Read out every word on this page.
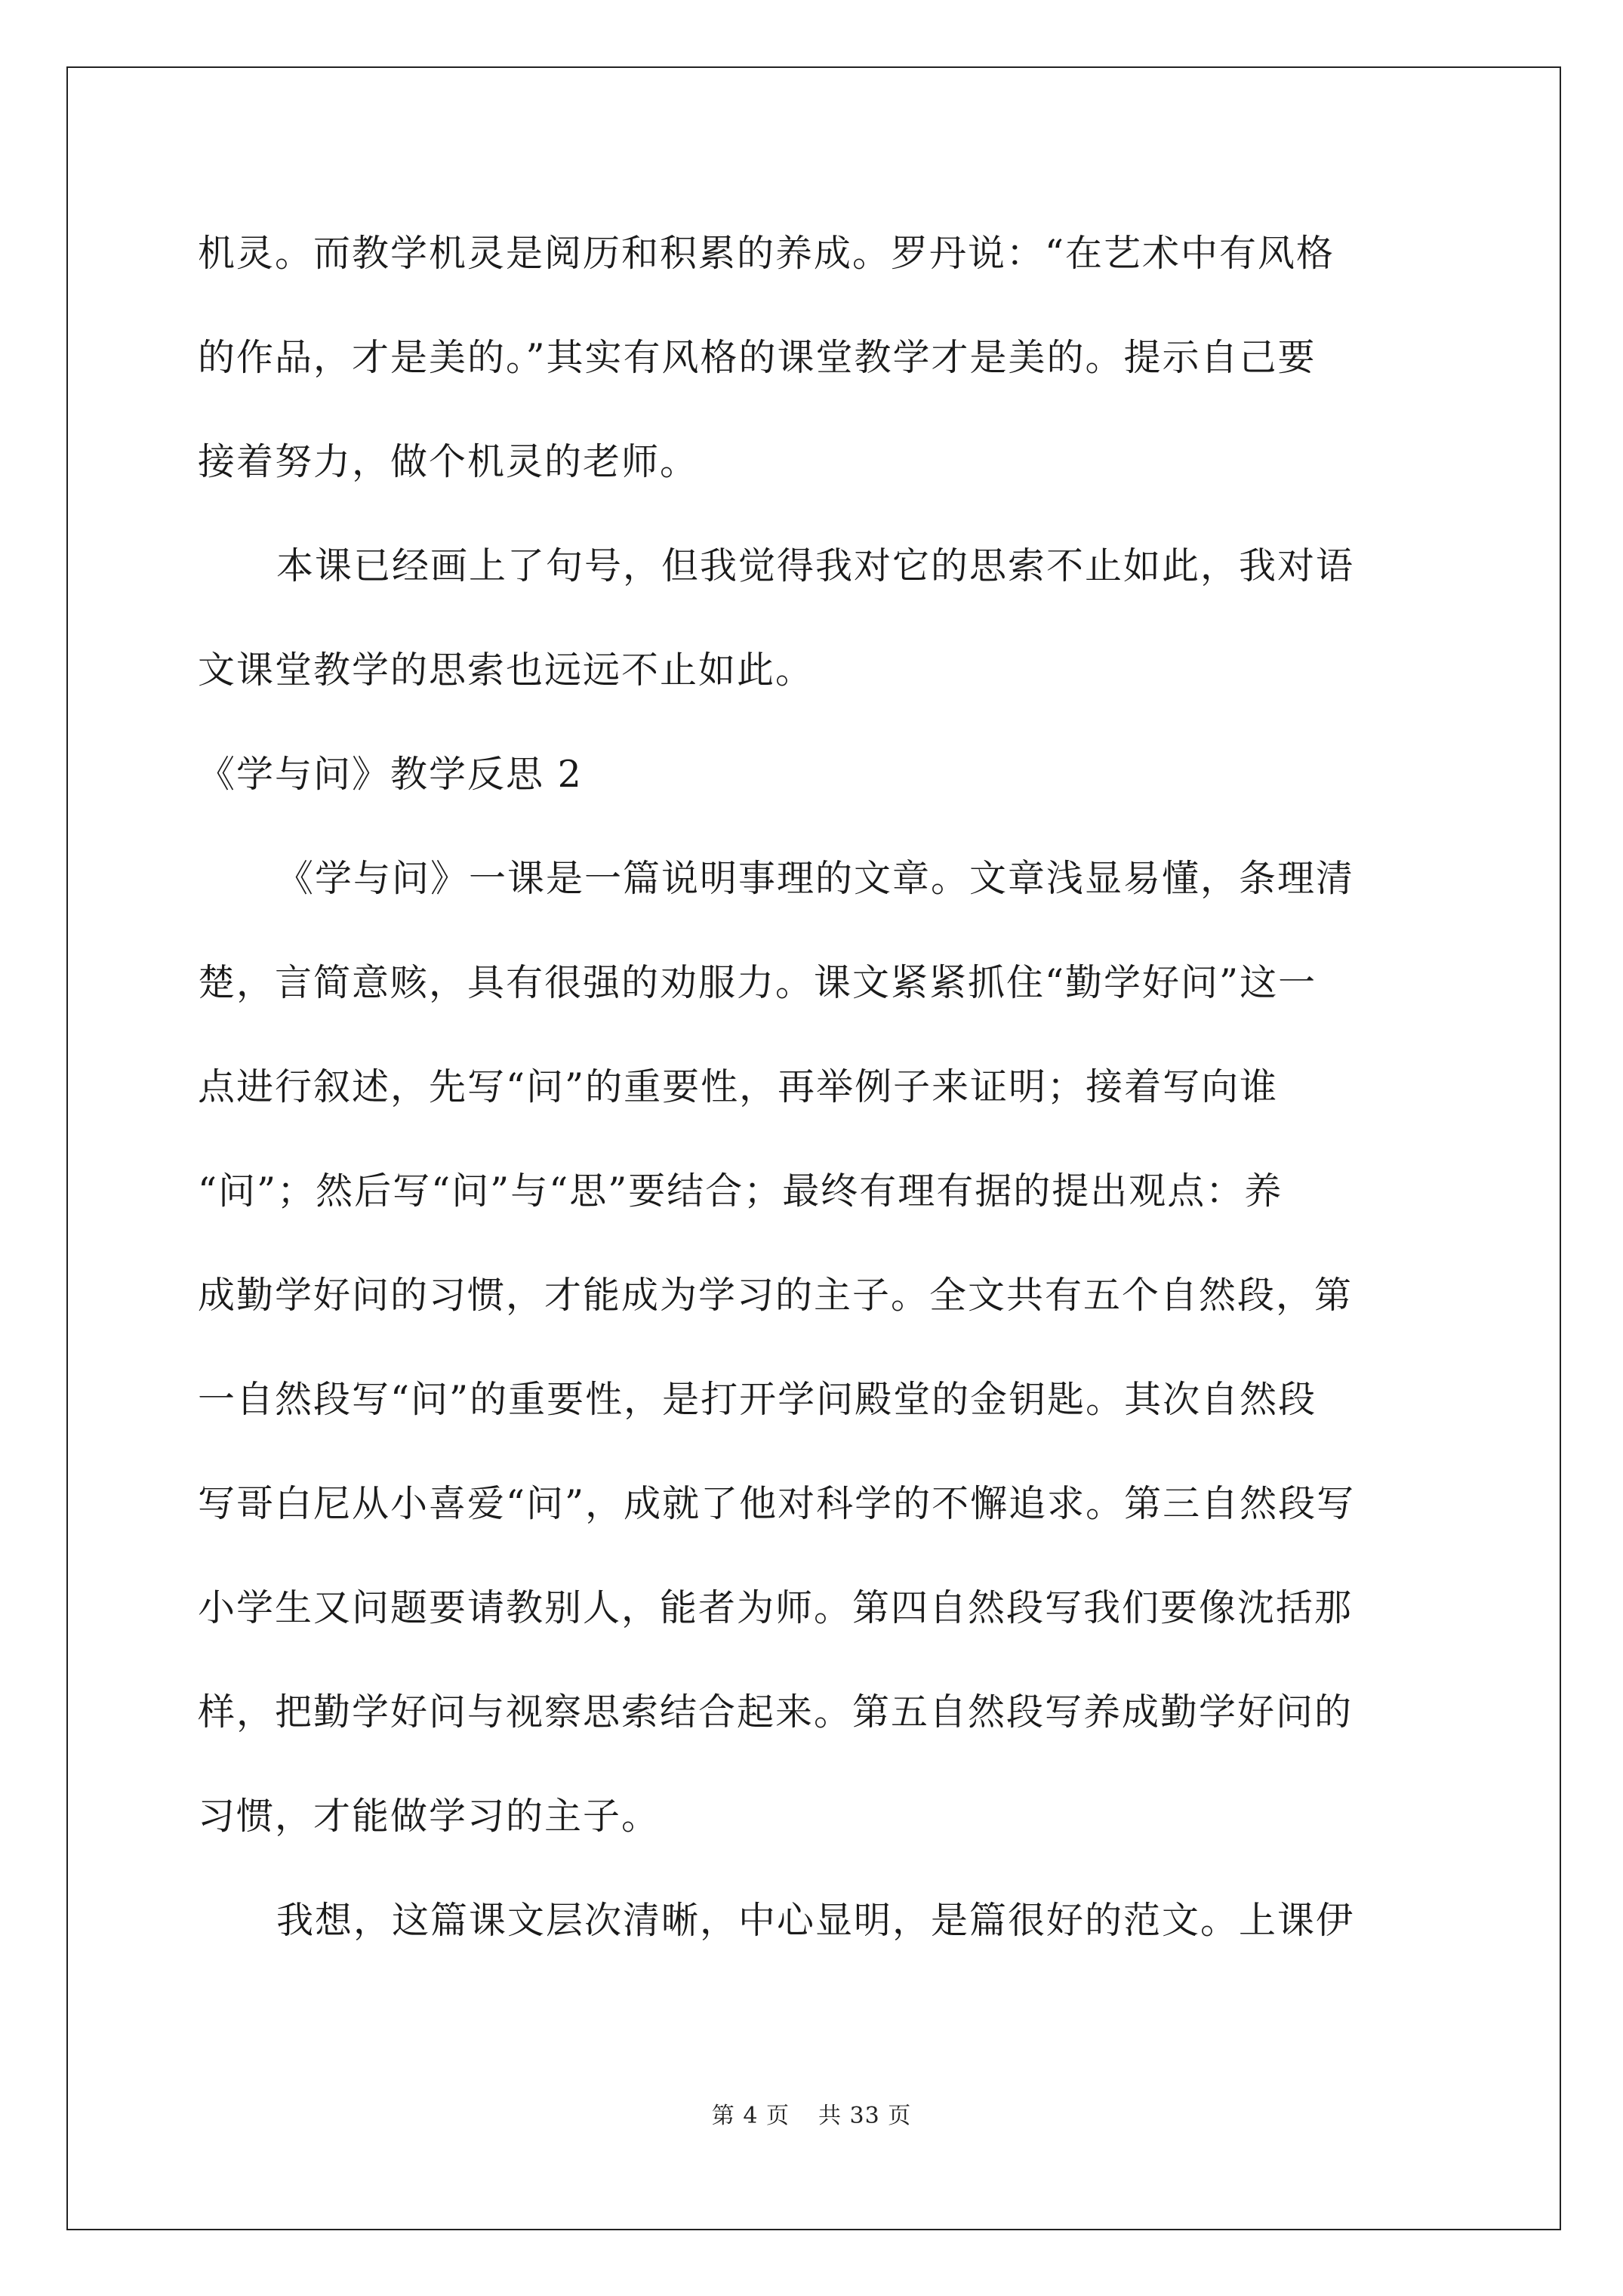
机灵。而教学机灵是阅历和积累的养成。罗丹说：“在艺术中有风格
的作品，才是美的。”其实有风格的课堂教学才是美的。提示自己要
接着努力，做个机灵的老师。
本课已经画上了句号，但我觉得我对它的思索不止如此，我对语
文课堂教学的思索也远远不止如此。
《学与问》教学反思 2
《学与问》一课是一篇说明事理的文章。文章浅显易懂，条理清
楚，言简意赅，具有很强的劝服力。课文紧紧抓住“勤学好问”这一
点进行叙述，先写“问”的重要性，再举例子来证明；接着写向谁
“问”；然后写“问”与“思”要结合；最终有理有据的提出观点：养
成勤学好问的习惯，才能成为学习的主子。全文共有五个自然段，第
一自然段写“问”的重要性，是打开学问殿堂的金钥匙。其次自然段
写哥白尼从小喜爱“问”，成就了他对科学的不懈追求。第三自然段写
小学生又问题要请教别人，能者为师。第四自然段写我们要像沈括那
样，把勤学好问与视察思索结合起来。第五自然段写养成勤学好问的
习惯，才能做学习的主子。
我想，这篇课文层次清晰，中心显明，是篇很好的范文。上课伊
第 4 页 共 33 页
